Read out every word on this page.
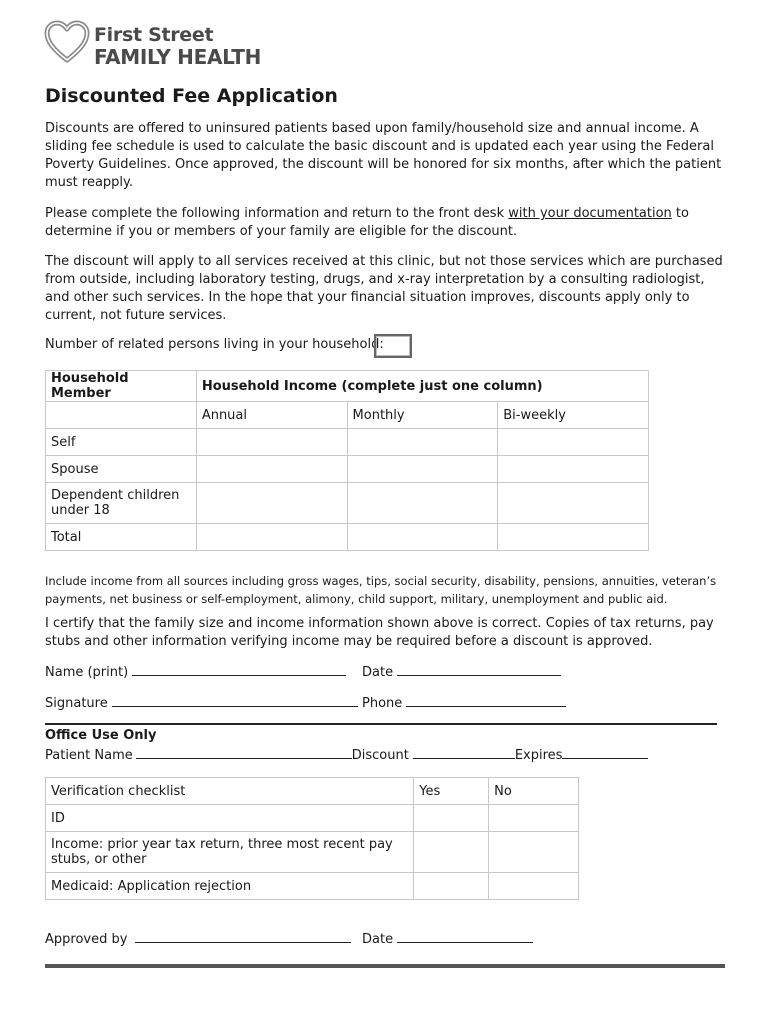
First Street
FAMILY HEALTH
Discounted Fee Application

Discounts are offered to uninsured patients based upon family/household size and annual income. A sliding fee schedule is used to calculate the basic discount and is updated each year using the Federal Poverty Guidelines. Once approved, the discount will be honored for six months, after which the patient must reapply.

Please complete the following information and return to the front desk with your documentation to determine if you or members of your family are eligible for the discount.

The discount will apply to all services received at this clinic, but not those services which are purchased from outside, including laboratory testing, drugs, and x-ray interpretation by a consulting radiologist, and other such services. In the hope that your financial situation improves, discounts apply only to current, not future services.

Number of related persons living in your household:
Household Member	Household Income (complete just one column)		
	Annual	Monthly	Bi-weekly
Self			
Spouse			
Dependent children under 18			
Total			

Include income from all sources including gross wages, tips, social security, disability, pensions, annuities, veteran’s payments, net business or self-employment, alimony, child support, military, unemployment and public aid.

I certify that the family size and income information shown above is correct. Copies of tax returns, pay stubs and other information verifying income may be required before a discount is approved.

Name (print)	Date
Signature	Phone
Office Use Only
Patient Name	Discount	Expires
Verification checklist	Yes	No
ID		
Income: prior year tax return, three most recent pay stubs, or other		
Medicaid: Application rejection		
Approved by	Date
